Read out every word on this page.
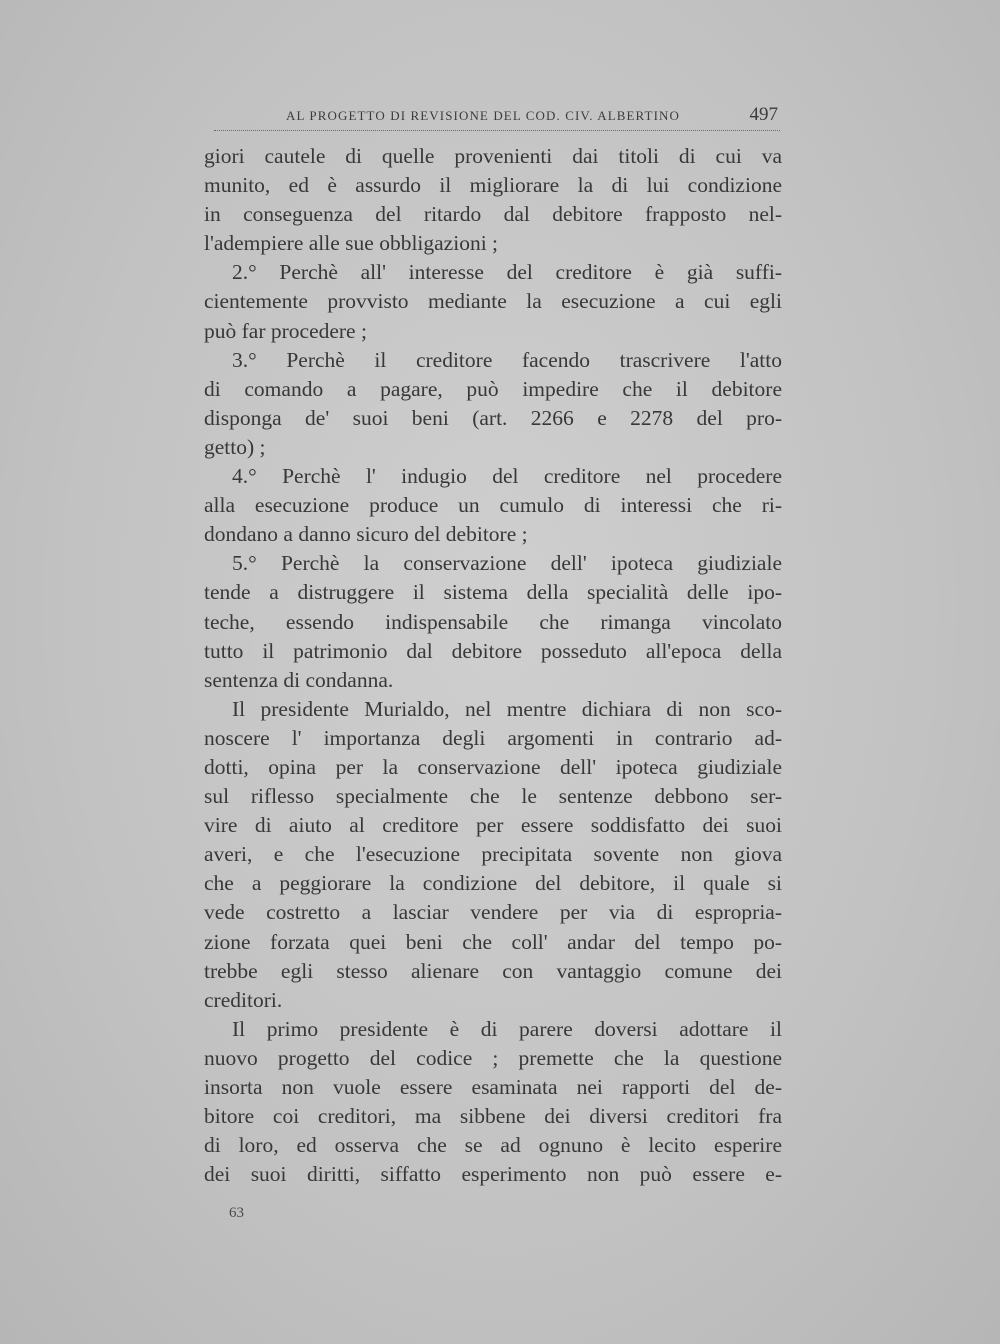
AL PROGETTO DI REVISIONE DEL COD. CIV. ALBERTINO	497
giori cautele di quelle provenienti dai titoli di cui va
munito, ed è assurdo il migliorare la di lui condizione
in conseguenza del ritardo dal debitore frapposto nel-
l'adempiere alle sue obbligazioni ;
2.° Perchè all' interesse del creditore è già suffi-
cientemente provvisto mediante la esecuzione a cui egli
può far procedere ;
3.° Perchè il creditore facendo trascrivere l'atto
di comando a pagare, può impedire che il debitore
disponga de' suoi beni (art. 2266 e 2278 del pro-
getto) ;
4.° Perchè l' indugio del creditore nel procedere
alla esecuzione produce un cumulo di interessi che ri-
dondano a danno sicuro del debitore ;
5.° Perchè la conservazione dell' ipoteca giudiziale
tende a distruggere il sistema della specialità delle ipo-
teche, essendo indispensabile che rimanga vincolato
tutto il patrimonio dal debitore posseduto all'epoca della
sentenza di condanna.
Il presidente Murialdo, nel mentre dichiara di non sco-
noscere l' importanza degli argomenti in contrario ad-
dotti, opina per la conservazione dell' ipoteca giudiziale
sul riflesso specialmente che le sentenze debbono ser-
vire di aiuto al creditore per essere soddisfatto dei suoi
averi, e che l'esecuzione precipitata sovente non giova
che a peggiorare la condizione del debitore, il quale si
vede costretto a lasciar vendere per via di espropria-
zione forzata quei beni che coll' andar del tempo po-
trebbe egli stesso alienare con vantaggio comune dei
creditori.
Il primo presidente è di parere doversi adottare il
nuovo progetto del codice ; premette che la questione
insorta non vuole essere esaminata nei rapporti del de-
bitore coi creditori, ma sibbene dei diversi creditori fra
di loro, ed osserva che se ad ognuno è lecito esperire
dei suoi diritti, siffatto esperimento non può essere e-
63
